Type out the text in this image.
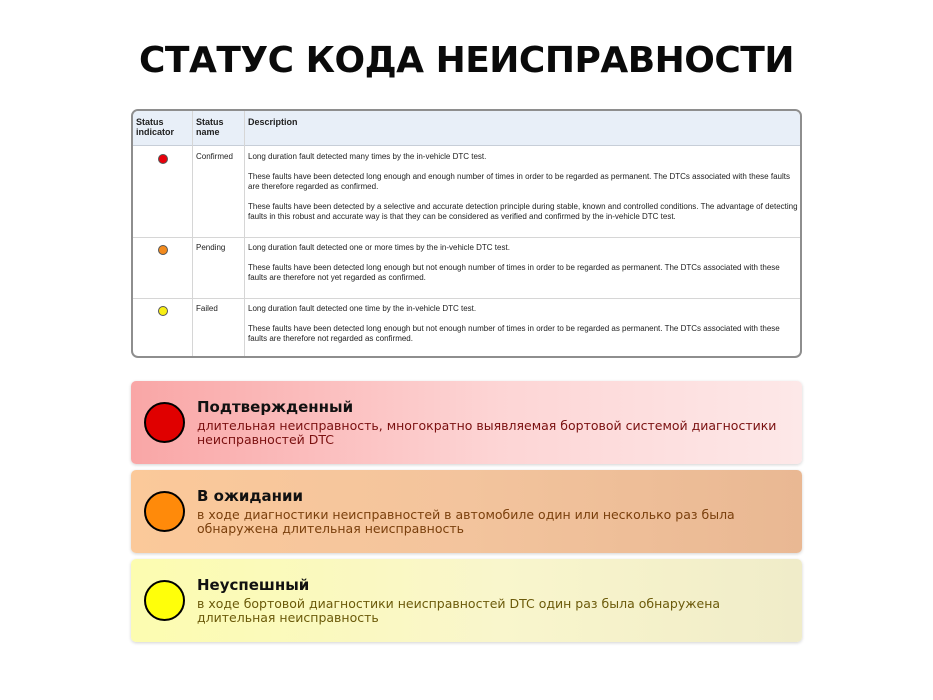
СТАТУС КОДА НЕИСПРАВНОСТИ
Status indicator
Status name
Description
Confirmed Long duration fault detected many times by the in-vehicle DTC test.
These faults have been detected long enough and enough number of times in order to be regarded as permanent. The DTCs associated with these faults are therefore regarded as confirmed.
These faults have been detected by a selective and accurate detection principle during stable, known and controlled conditions. The advantage of detecting faults in this robust and accurate way is that they can be considered as verified and confirmed by the in-vehicle DTC test.
Pending	Long duration fault detected one or more times by the in-vehicle DTC test.
These faults have been detected long enough but not enough number of times in order to be regarded as permanent. The DTCs associated with these faults are therefore not yet regarded as confirmed.
Failed	Long duration fault detected one time by the in-vehicle DTC test.
These faults have been detected long enough but not enough number of times in order to be regarded as permanent. The DTCs associated with these faults are therefore not regarded as confirmed.
Подтвержденный
длительная неисправность, многократно выявляемая бортовой системой диагностики неисправностей DTC
В ожидании
в ходе диагностики неисправностей в автомобиле один или несколько раз была обнаружена длительная неисправность
Неуспешный
в ходе бортовой диагностики неисправностей DTC один раз была обнаружена длительная неисправность
